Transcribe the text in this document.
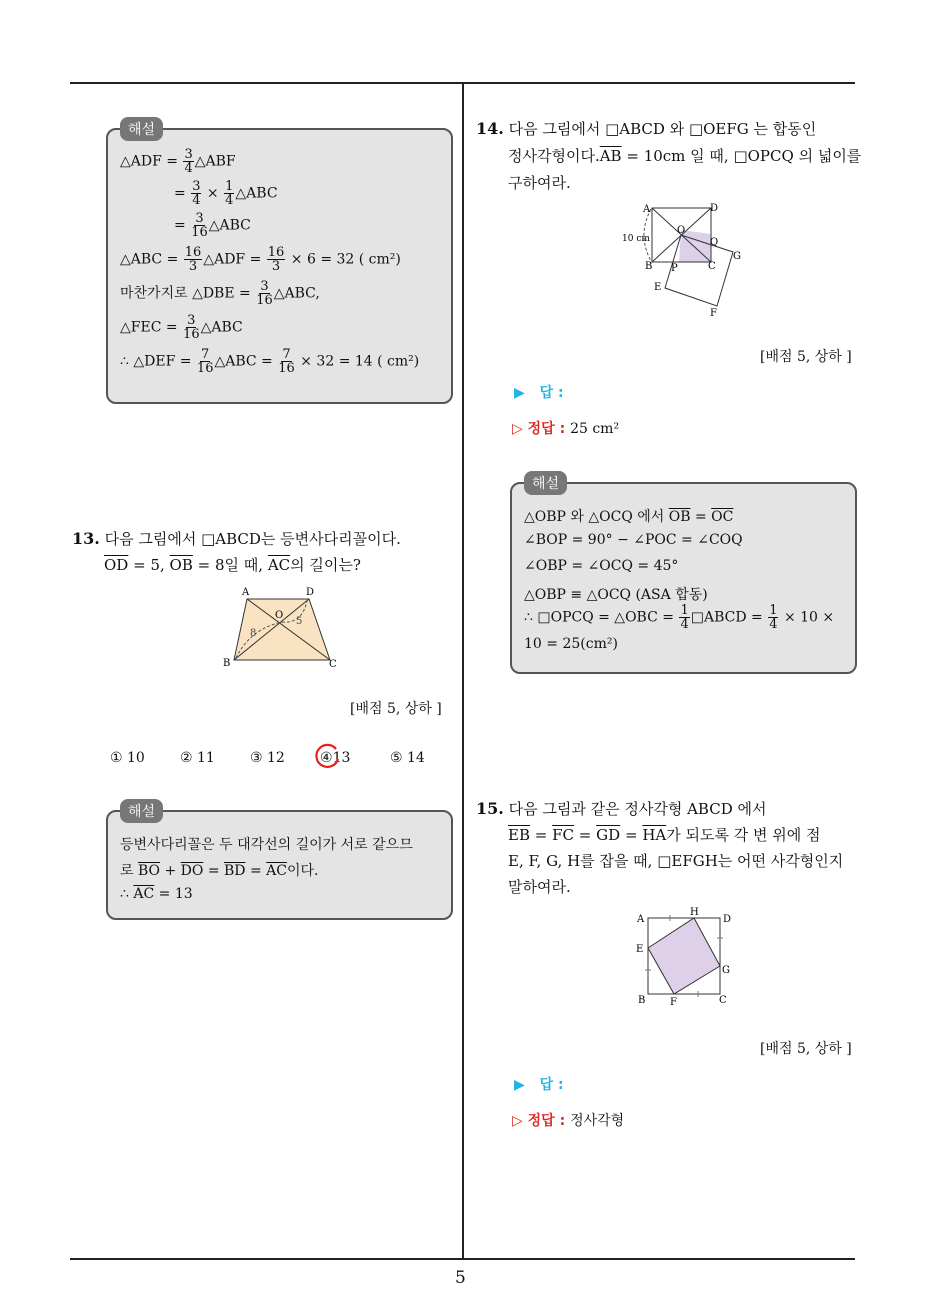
5
해설
△ADF = $\frac{3}{4}$ △ABF
= $\frac{3}{4} \times \frac{1}{4}$ △ABC
= $\frac{3}{16}$ △ABC
△ABC = $\frac{16}{3}$ △ADF = $\frac{16}{3} \times 6 = 32$ ( cm²)
마찬가지로 △DBE = $\frac{3}{16}$ △ABC,
△FEC = $\frac{3}{16}$ △ABC
∴ △DEF = $\frac{7}{16}$ △ABC = $\frac{7}{16} \times 32 = 14$ ( cm²)
13. 다음 그림에서 □ABCD는 등변사다리꼴이다.
$\overline{OD} = 5$, $\overline{OB} = 8$일 때, $\overline{AC}$의 길이는?
A	D
O
B	C
8
5
[배점 5, 상하 ]
① 10	② 11	③ 12	④13	⑤ 14
해설
등변사다리꼴은 두 대각선의 길이가 서로 같으므
로 $\overline{BO} + \overline{DO} = \overline{BD} = \overline{AC}$이다.
∴ $\overline{AC} = 13$
14. 다음 그림에서 □ABCD 와 □OEFG 는 합동인
정사각형이다$.\overline{AB} = 10cm$ 일 때, □OPCQ 의 넓이를
구하여라.
A	D
O
Q
G
B P	C
E
F
10 cm
[배점 5, 상하 ]
▶ 답 :
▷ 정답 : 25 cm²
해설
△OBP 와 △OCQ 에서 $\overline{OB} = \overline{OC}$
∠BOP = 90° − ∠POC = ∠COQ
∠OBP = ∠OCQ = 45°
△OBP ≡ △OCQ (ASA 합동)
∴ □OPCQ = △OBC = $\frac{1}{4}$ □ABCD = $\frac{1}{4} \times 10$ ×
10 = 25(cm²)
15. 다음 그림과 같은 정사각형 ABCD 에서
$\overline{EB} = \overline{FC} = \overline{GD} = \overline{HA}$가 되도록 각 변 위에 점
E, F, G, H를 잡을 때, □EFGH는 어떤 사각형인지
말하여라.
A
H
D
E
G
B F	C
[배점 5, 상하 ]
▶ 답 :
▷ 정답 : 정사각형
